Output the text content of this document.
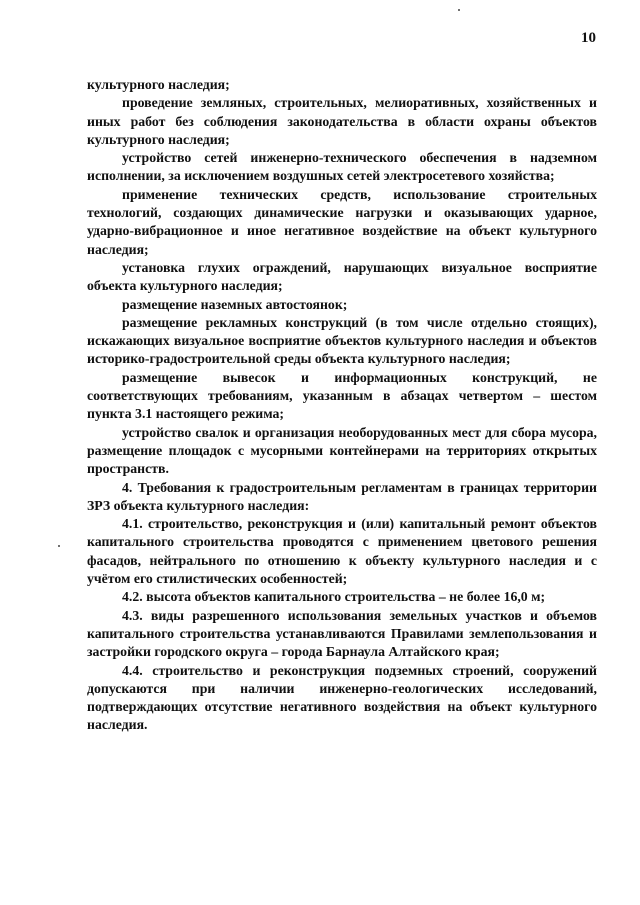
10

культурного наследия;

проведение земляных, строительных, мелиоративных, хозяйственных и иных работ без соблюдения законодательства в области охраны объектов культурного наследия;

устройство сетей инженерно-технического обеспечения в надземном исполнении, за исключением воздушных сетей электросетевого хозяйства;

применение технических средств, использование строительных технологий, создающих динамические нагрузки и оказывающих ударное, ударно-вибрационное и иное негативное воздействие на объект культурного наследия;

установка глухих ограждений, нарушающих визуальное восприятие объекта культурного наследия;

размещение наземных автостоянок;

размещение рекламных конструкций (в том числе отдельно стоящих), искажающих визуальное восприятие объектов культурного наследия и объектов историко-градостроительной среды объекта культурного наследия;

размещение вывесок и информационных конструкций, не соответствующих требованиям, указанным в абзацах четвертом – шестом пункта 3.1 настоящего режима;

устройство свалок и организация необорудованных мест для сбора мусора, размещение площадок с мусорными контейнерами на территориях открытых пространств.

4. Требования к градостроительным регламентам в границах территории ЗРЗ объекта культурного наследия:

4.1. строительство, реконструкция и (или) капитальный ремонт объектов капитального строительства проводятся с применением цветового решения фасадов, нейтрального по отношению к объекту культурного наследия и с учётом его стилистических особенностей;

4.2. высота объектов капитального строительства – не более 16,0 м;

4.3. виды разрешенного использования земельных участков и объемов капитального строительства устанавливаются Правилами землепользования и застройки городского округа – города Барнаула Алтайского края;

4.4. строительство и реконструкция подземных строений, сооружений допускаются при наличии инженерно-геологических исследований, подтверждающих отсутствие негативного воздействия на объект культурного наследия.
